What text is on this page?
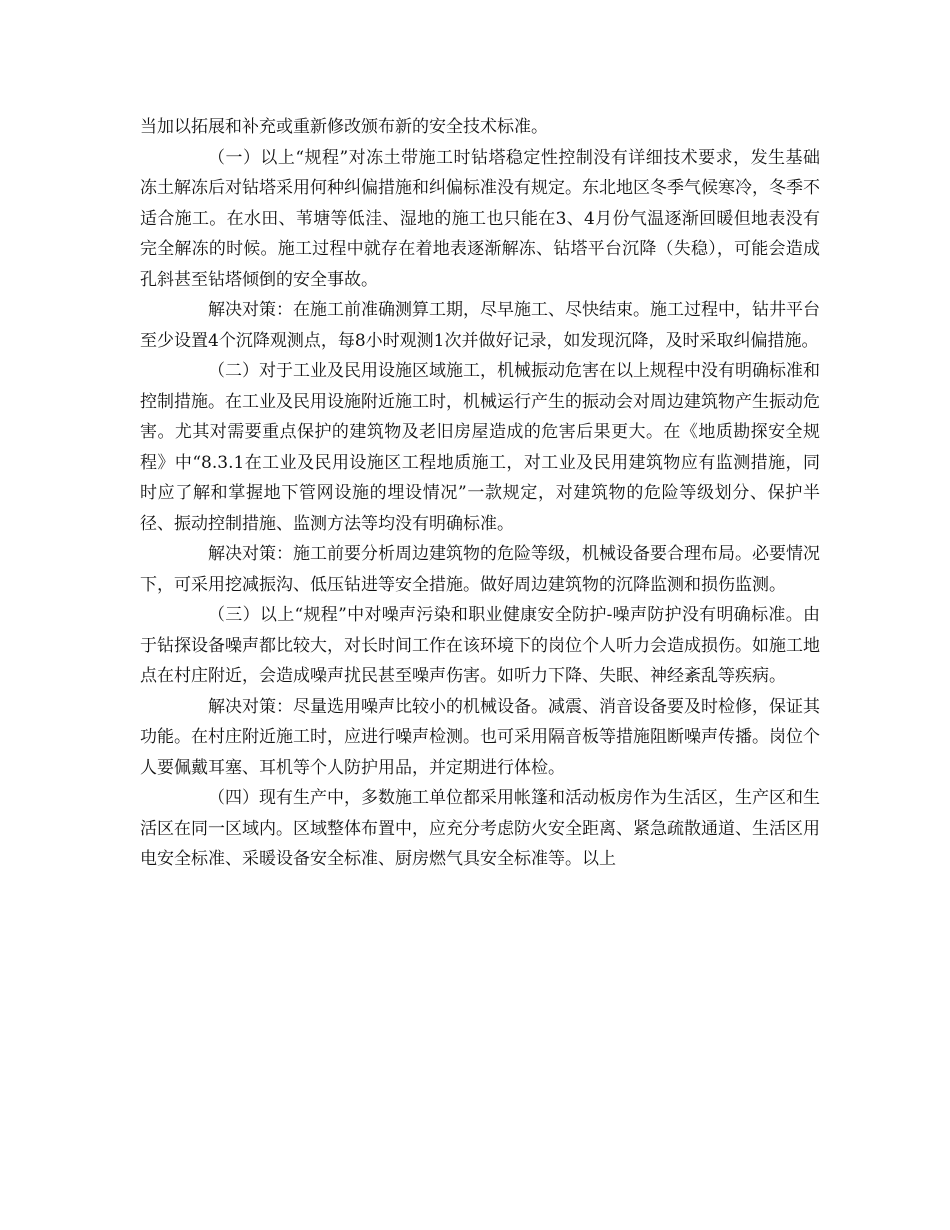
当加以拓展和补充或重新修改颁布新的安全技术标准。

（一）以上“规程”对冻土带施工时钻塔稳定性控制没有详细技术要求，发生基础冻土解冻后对钻塔采用何种纠偏措施和纠偏标准没有规定。东北地区冬季气候寒冷，冬季不适合施工。在水田、苇塘等低洼、湿地的施工也只能在3、4月份气温逐渐回暖但地表没有完全解冻的时候。施工过程中就存在着地表逐渐解冻、钻塔平台沉降（失稳），可能会造成孔斜甚至钻塔倾倒的安全事故。

解决对策：在施工前准确测算工期，尽早施工、尽快结束。施工过程中，钻井平台至少设置4个沉降观测点，每8小时观测1次并做好记录，如发现沉降，及时采取纠偏措施。

（二）对于工业及民用设施区域施工，机械振动危害在以上规程中没有明确标准和控制措施。在工业及民用设施附近施工时，机械运行产生的振动会对周边建筑物产生振动危害。尤其对需要重点保护的建筑物及老旧房屋造成的危害后果更大。在《地质勘探安全规程》中“8.3.1在工业及民用设施区工程地质施工，对工业及民用建筑物应有监测措施，同时应了解和掌握地下管网设施的埋设情况”一款规定，对建筑物的危险等级划分、保护半径、振动控制措施、监测方法等均没有明确标准。

解决对策：施工前要分析周边建筑物的危险等级，机械设备要合理布局。必要情况下，可采用挖减振沟、低压钻进等安全措施。做好周边建筑物的沉降监测和损伤监测。

（三）以上“规程”中对噪声污染和职业健康安全防护-噪声防护没有明确标准。由于钻探设备噪声都比较大，对长时间工作在该环境下的岗位个人听力会造成损伤。如施工地点在村庄附近，会造成噪声扰民甚至噪声伤害。如听力下降、失眠、神经紊乱等疾病。

解决对策：尽量选用噪声比较小的机械设备。减震、消音设备要及时检修，保证其功能。在村庄附近施工时，应进行噪声检测。也可采用隔音板等措施阻断噪声传播。岗位个人要佩戴耳塞、耳机等个人防护用品，并定期进行体检。

（四）现有生产中，多数施工单位都采用帐篷和活动板房作为生活区，生产区和生活区在同一区域内。区域整体布置中，应充分考虑防火安全距离、紧急疏散通道、生活区用电安全标准、采暖设备安全标准、厨房燃气具安全标准等。以上
